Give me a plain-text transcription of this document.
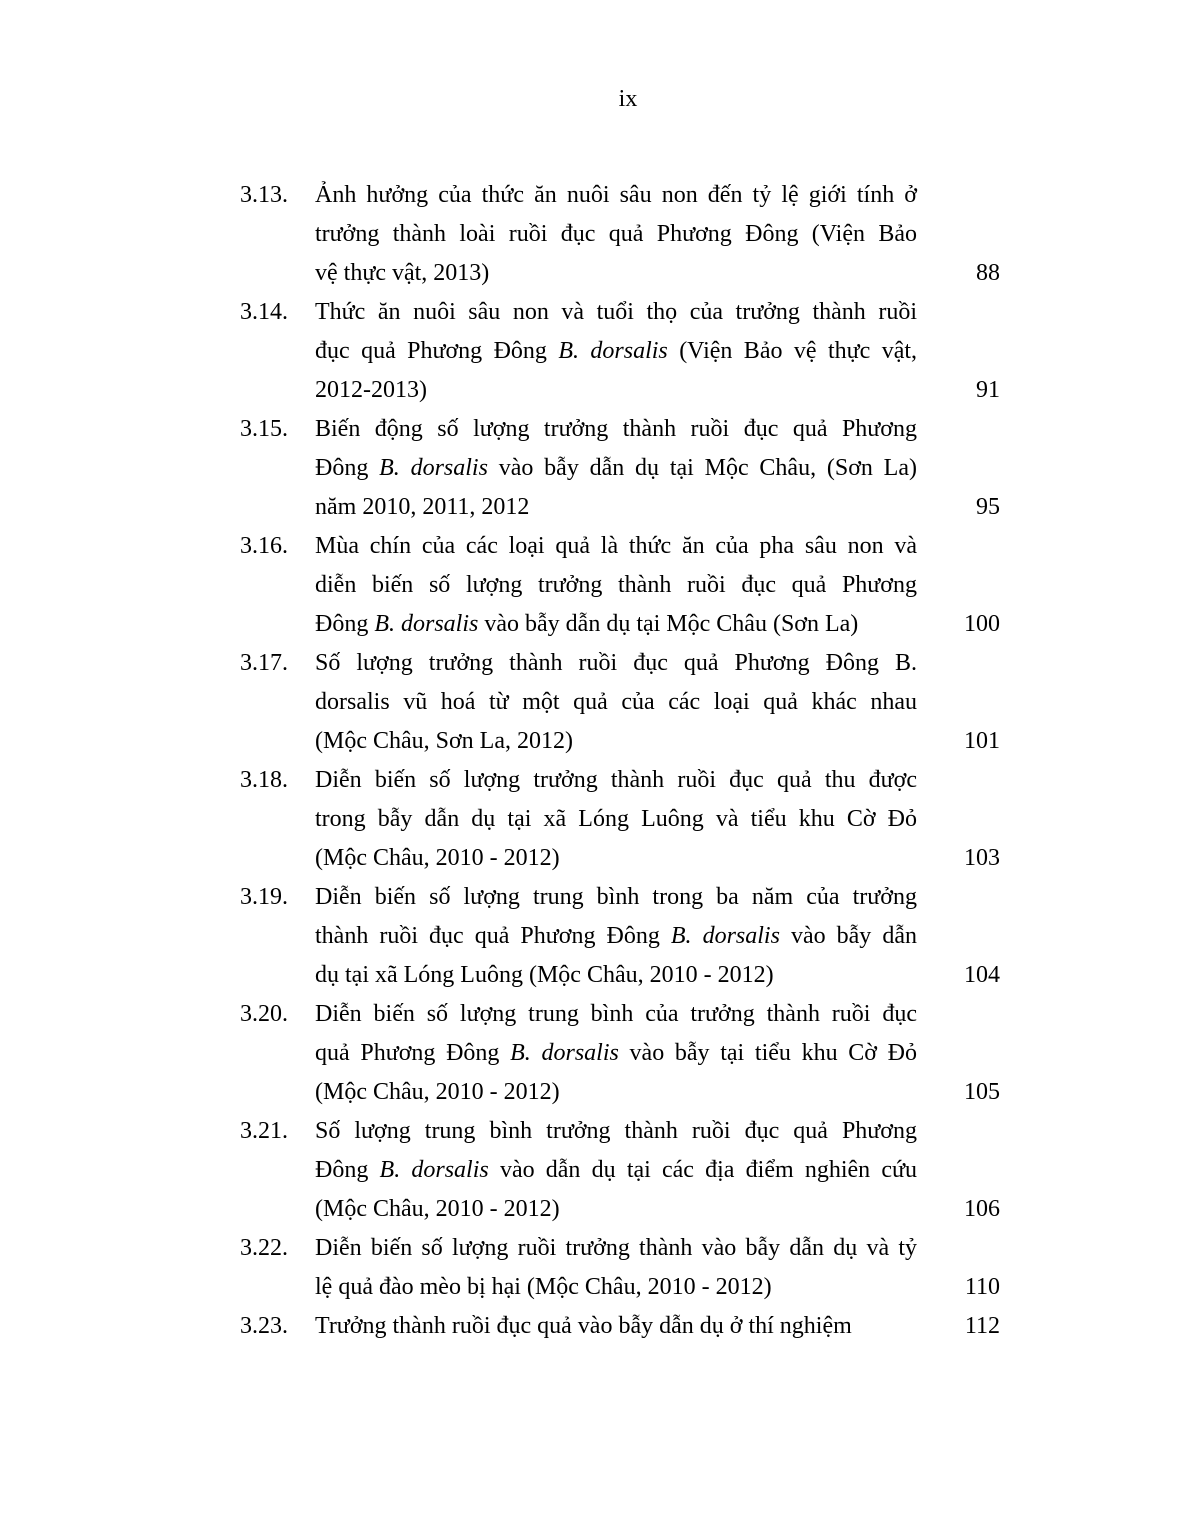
ix
3.13.	Ảnh hưởng của thức ăn nuôi sâu non đến tỷ lệ giới tính ở
trưởng thành loài ruồi đục quả Phương Đông (Viện Bảo
vệ thực vật, 2013)	88
3.14.	Thức ăn nuôi sâu non và tuổi thọ của trưởng thành ruồi
đục quả Phương Đông B. dorsalis (Viện Bảo vệ thực vật,
2012-2013)	91
3.15.	Biến động số lượng trưởng thành ruồi đục quả Phương
Đông B. dorsalis vào bẫy dẫn dụ tại Mộc Châu, (Sơn La)
năm 2010, 2011, 2012	95
3.16.	Mùa chín của các loại quả là thức ăn của pha sâu non và
diễn biến số lượng trưởng thành ruồi đục quả Phương
Đông B. dorsalis vào bẫy dẫn dụ tại Mộc Châu (Sơn La)	100
3.17.	Số lượng trưởng thành ruồi đục quả Phương Đông B.
dorsalis vũ hoá từ một quả của các loại quả khác nhau
(Mộc Châu, Sơn La, 2012)	101
3.18.	Diễn biến số lượng trưởng thành ruồi đục quả thu được
trong bẫy dẫn dụ tại xã Lóng Luông và tiểu khu Cờ Đỏ
(Mộc Châu, 2010 - 2012)	103
3.19.	Diễn biến số lượng trung bình trong ba năm của trưởng
thành ruồi đục quả Phương Đông B. dorsalis vào bẫy dẫn
dụ tại xã Lóng Luông (Mộc Châu, 2010 - 2012)	104
3.20.	Diễn biến số lượng trung bình của trưởng thành ruồi đục
quả Phương Đông B. dorsalis vào bẫy tại tiểu khu Cờ Đỏ
(Mộc Châu, 2010 - 2012)	105
3.21.	Số lượng trung bình trưởng thành ruồi đục quả Phương
Đông B. dorsalis vào dẫn dụ tại các địa điểm nghiên cứu
(Mộc Châu, 2010 - 2012)	106
3.22.	Diễn biến số lượng ruồi trưởng thành vào bẫy dẫn dụ và tỷ
lệ quả đào mèo bị hại (Mộc Châu, 2010 - 2012)	110
3.23.	Trưởng thành ruồi đục quả vào bẫy dẫn dụ ở thí nghiệm	112
